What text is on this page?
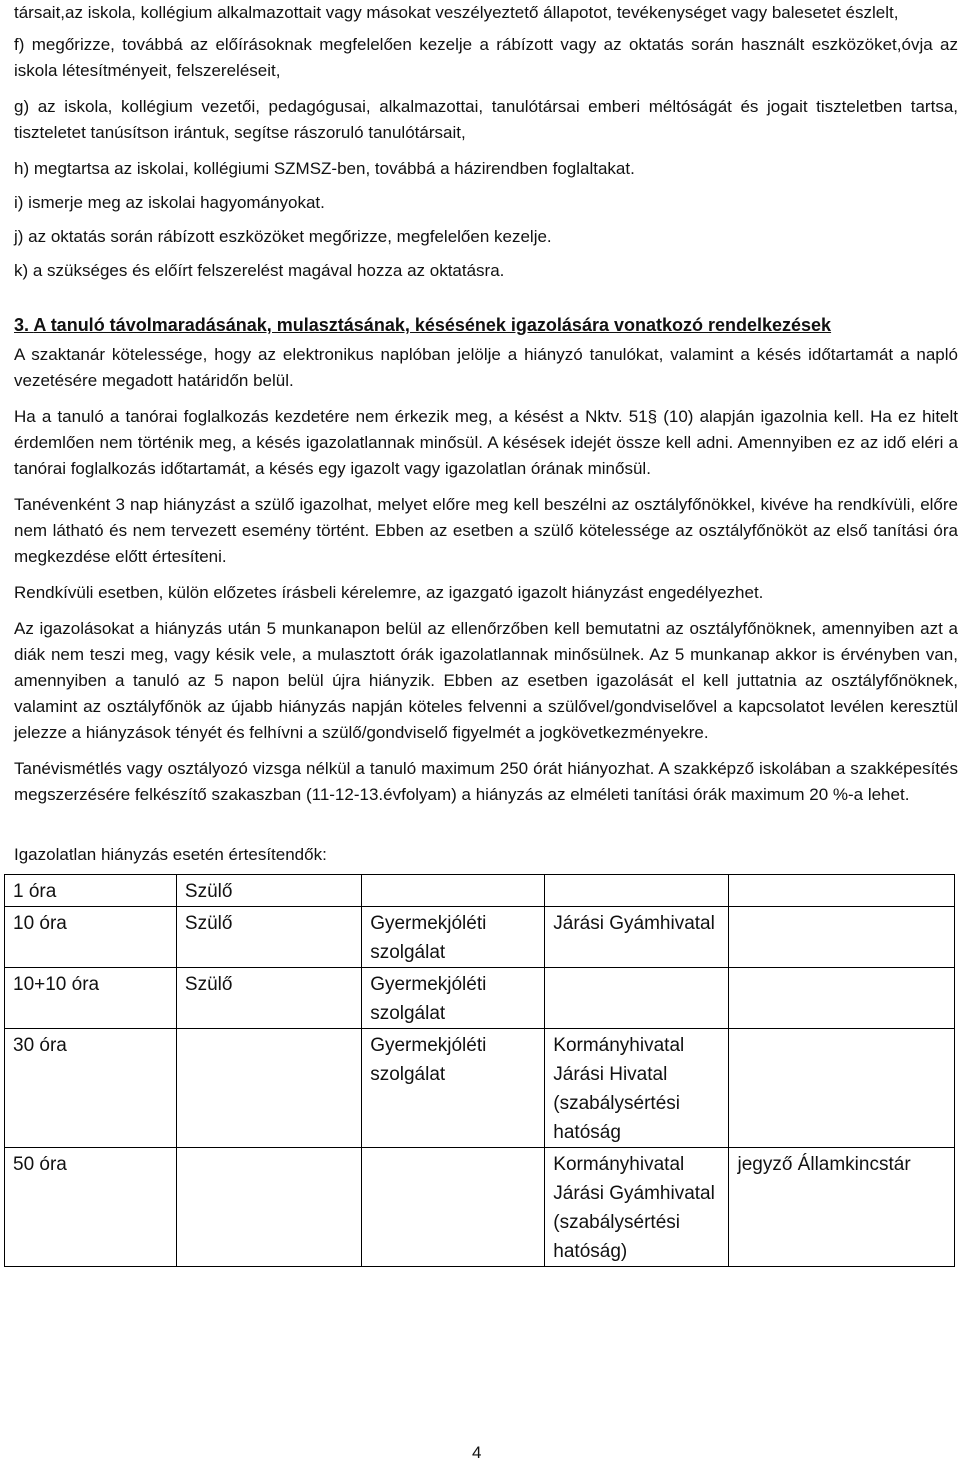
társait,az iskola, kollégium alkalmazottait vagy másokat veszélyeztető állapotot, tevékenységet vagy balesetet észlelt,

f) megőrizze, továbbá az előírásoknak megfelelően kezelje a rábízott vagy az oktatás során használt eszközöket,óvja az iskola létesítményeit, felszereléseit,

g) az iskola, kollégium vezetői, pedagógusai, alkalmazottai, tanulótársai emberi méltóságát és jogait tiszteletben tartsa, tiszteletet tanúsítson irántuk, segítse rászoruló tanulótársait,

h) megtartsa az iskolai, kollégiumi SZMSZ-ben, továbbá a házirendben foglaltakat.

i) ismerje meg az iskolai hagyományokat.

j) az oktatás során rábízott eszközöket megőrizze, megfelelően kezelje.

k) a szükséges és előírt felszerelést magával hozza az oktatásra.

3. A tanuló távolmaradásának, mulasztásának, késésének igazolására vonatkozó rendelkezések

A szaktanár kötelessége, hogy az elektronikus naplóban jelölje a hiányzó tanulókat, valamint a késés időtartamát a napló vezetésére megadott határidőn belül.

Ha a tanuló a tanórai foglalkozás kezdetére nem érkezik meg, a késést a Nktv. 51§ (10) alapján igazolnia kell. Ha ez hitelt érdemlően nem történik meg, a késés igazolatlannak minősül. A késések idejét össze kell adni. Amennyiben ez az idő eléri a tanórai foglalkozás időtartamát, a késés egy igazolt vagy igazolatlan órának minősül.

Tanévenként 3 nap hiányzást a szülő igazolhat, melyet előre meg kell beszélni az osztályfőnökkel, kivéve ha rendkívüli, előre nem látható és nem tervezett esemény történt. Ebben az esetben a szülő kötelessége az osztályfőnököt az első tanítási óra megkezdése előtt értesíteni.

Rendkívüli esetben, külön előzetes írásbeli kérelemre, az igazgató igazolt hiányzást engedélyezhet.

Az igazolásokat a hiányzás után 5 munkanapon belül az ellenőrzőben kell bemutatni az osztályfőnöknek, amennyiben azt a diák nem teszi meg, vagy késik vele, a mulasztott órák igazolatlannak minősülnek. Az 5 munkanap akkor is érvényben van, amennyiben a tanuló az 5 napon belül újra hiányzik. Ebben az esetben igazolását el kell juttatnia az osztályfőnöknek, valamint az osztályfőnök az újabb hiányzás napján köteles felvenni a szülővel/gondviselővel a kapcsolatot levélen keresztül jelezze a hiányzások tényét és felhívni a szülő/gondviselő figyelmét a jogkövetkezményekre.

Tanévismétlés vagy osztályozó vizsga nélkül a tanuló maximum 250 órát hiányozhat. A szakképző iskolában a szakképesítés megszerzésére felkészítő szakaszban (11-12-13.évfolyam) a hiányzás az elméleti tanítási órák maximum 20 %-a lehet.

Igazolatlan hiányzás esetén értesítendők:
1 óra	Szülő			
10 óra	Szülő	Gyermekjóléti szolgálat	Járási Gyámhivatal	
10+10 óra	Szülő	Gyermekjóléti szolgálat		
30 óra		Gyermekjóléti szolgálat	Kormányhivatal Járási Hivatal (szabálysértési hatóság	
50 óra			Kormányhivatal Járási Gyámhivatal (szabálysértési hatóság)	jegyző Államkincstár
4
